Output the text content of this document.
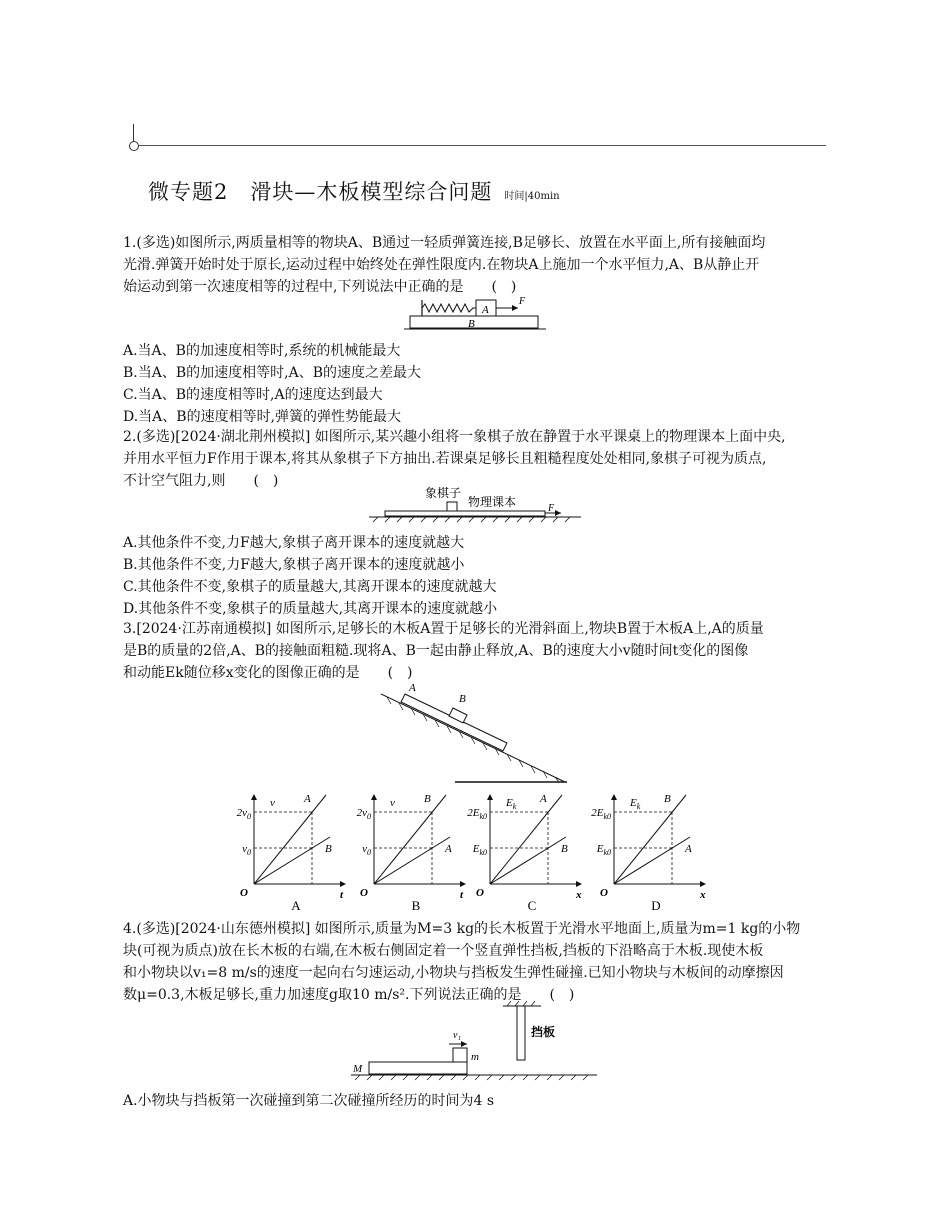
微专题2　滑块—木板模型综合问题 时间|40min
1.(多选)如图所示,两质量相等的物块A、B通过一轻质弹簧连接,B足够长、放置在水平面上,所有接触面均
光滑.弹簧开始时处于原长,运动过程中始终处在弹性限度内.在物块A上施加一个水平恒力,A、B从静止开
始运动到第一次速度相等的过程中,下列说法中正确的是　　(　)
A
F
B
A.当A、B的加速度相等时,系统的机械能最大
B.当A、B的加速度相等时,A、B的速度之差最大
C.当A、B的速度相等时,A的速度达到最大
D.当A、B的速度相等时,弹簧的弹性势能最大
2.(多选)[2024·湖北荆州模拟] 如图所示,某兴趣小组将一象棋子放在静置于水平课桌上的物理课本上面中央,
并用水平恒力F作用于课本,将其从象棋子下方抽出.若课桌足够长且粗糙程度处处相同,象棋子可视为质点,
不计空气阻力,则　　(　)
象棋子
物理课本	F
A.其他条件不变,力F越大,象棋子离开课本的速度就越大
B.其他条件不变,力F越大,象棋子离开课本的速度就越小
C.其他条件不变,象棋子的质量越大,其离开课本的速度就越大
D.其他条件不变,象棋子的质量越大,其离开课本的速度就越小
3.[2024·江苏南通模拟] 如图所示,足够长的木板A置于足够长的光滑斜面上,物块B置于木板A上,A的质量
是B的质量的2倍,A、B的接触面粗糙.现将A、B一起由静止释放,A、B的速度大小v随时间t变化的图像
和动能Ek随位移x变化的图像正确的是　　(　)
A
B
A
B
O	t
v
$2v_0$
$v_0$
A
B
A
O	t
v
$2v_0$
$v_0$
B
A
B
O	x
$E_k$
$2E_{k0}$
$E_{k0}$
C
B
A
O	x
$E_k$
$2E_{k0}$
$E_{k0}$
D
4.(多选)[2024·山东德州模拟] 如图所示,质量为M=3 kg的长木板置于光滑水平地面上,质量为m=1 kg的小物
块(可视为质点)放在长木板的右端,在木板右侧固定着一个竖直弹性挡板,挡板的下沿略高于木板.现使木板
和小物块以v₁=8 m/s的速度一起向右匀速运动,小物块与挡板发生弹性碰撞.已知小物块与木板间的动摩擦因
数μ=0.3,木板足够长,重力加速度g取10 m/s².下列说法正确的是　　(　)
挡板
M
m
v₁
A.小物块与挡板第一次碰撞到第二次碰撞所经历的时间为4 s
